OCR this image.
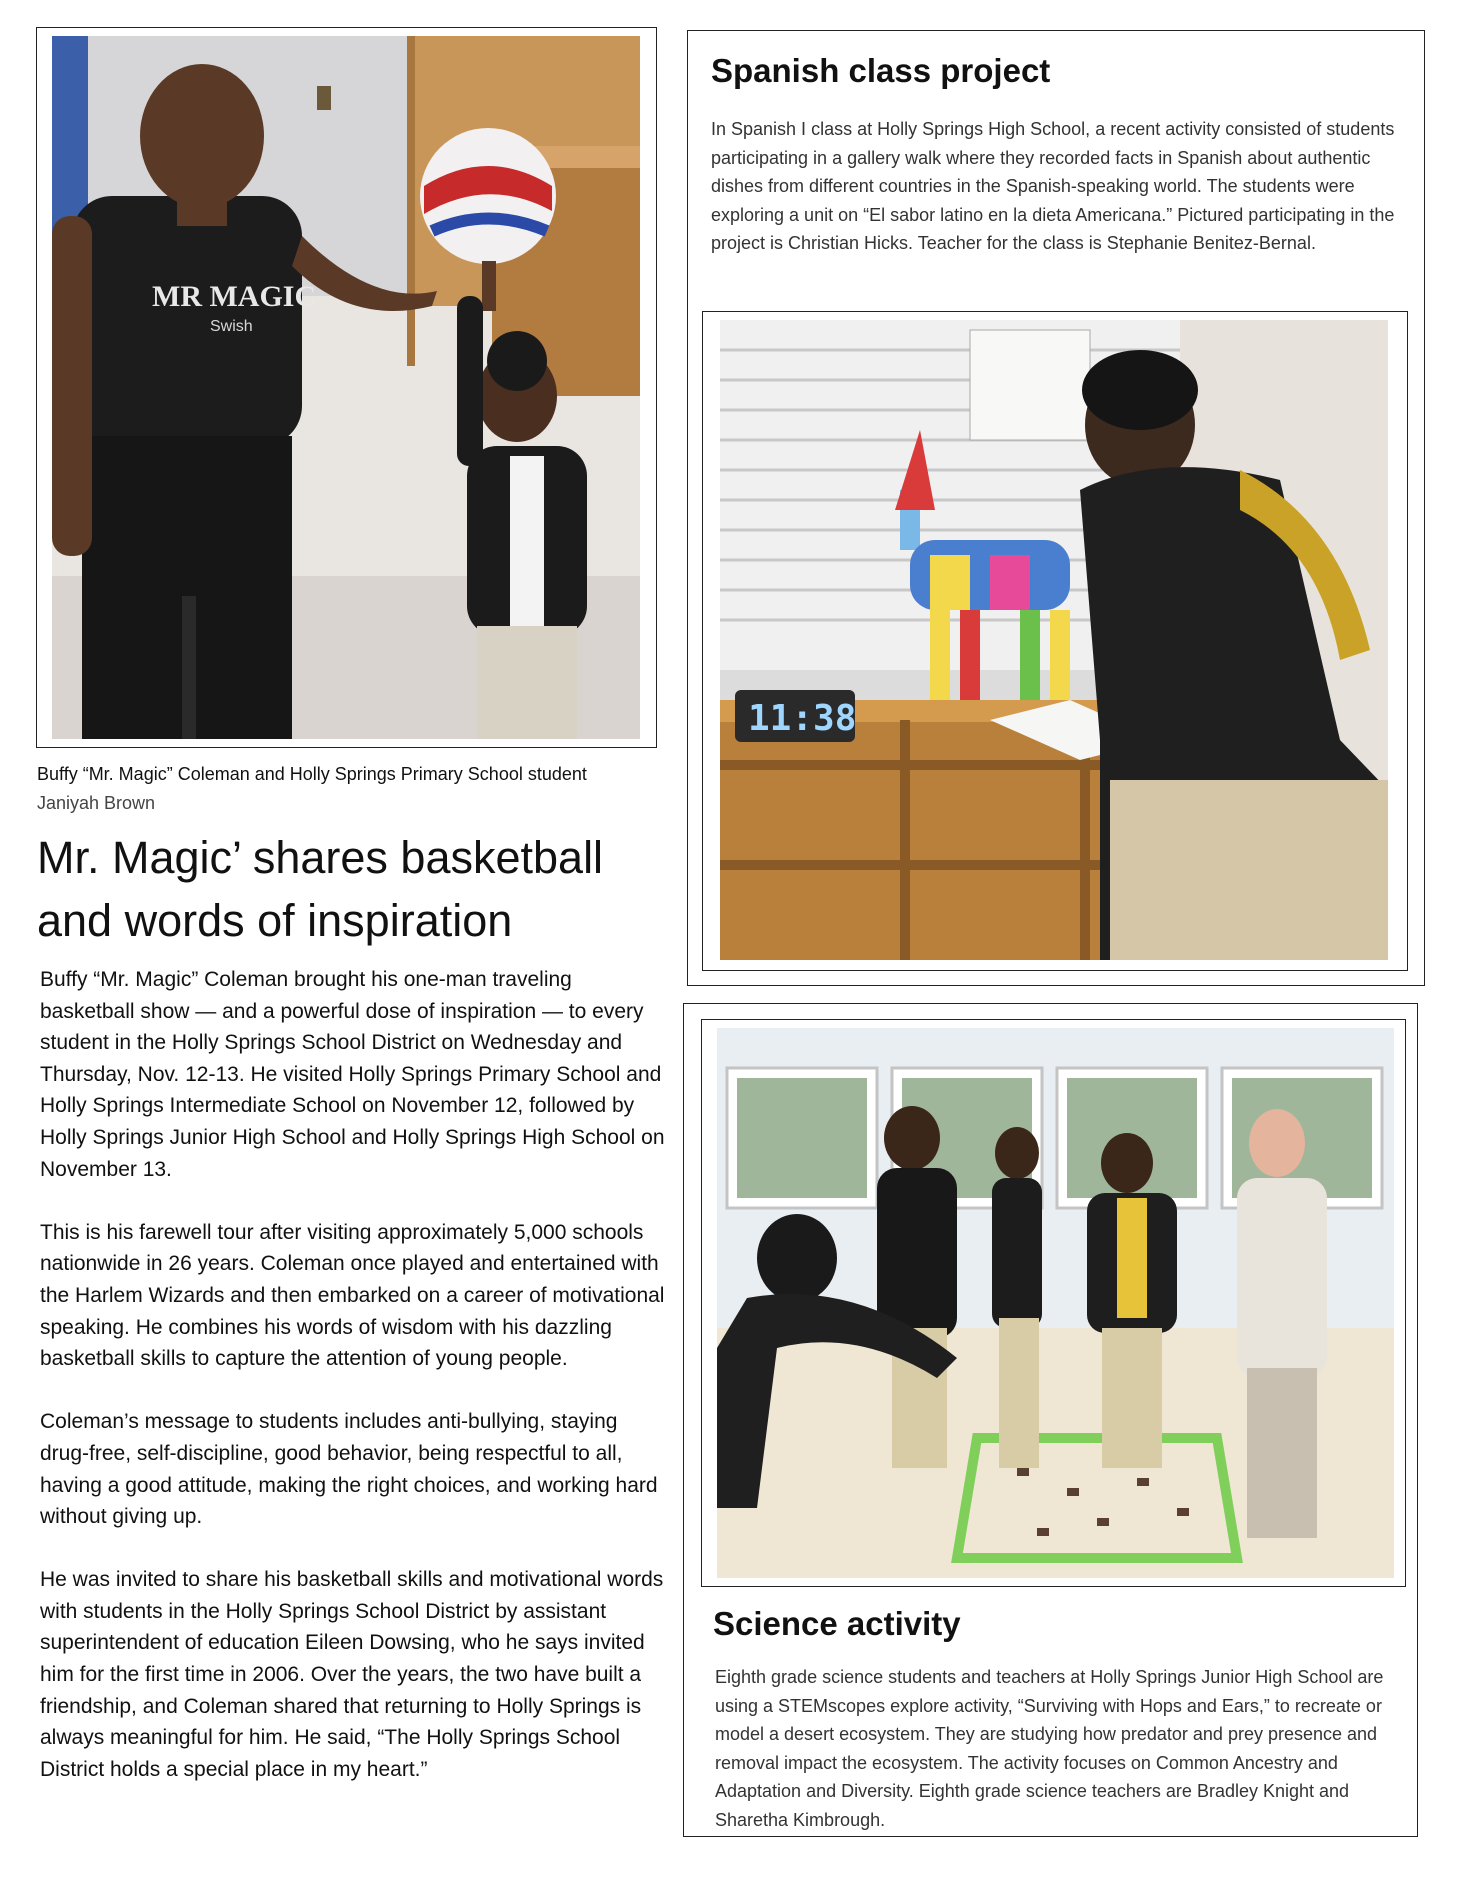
MR MAGIC
Swish
Buffy “Mr. Magic” Coleman and Holly Springs Primary School student Janiyah Brown
Mr. Magic’ shares basketball and words of inspiration

Buffy “Mr. Magic” Coleman brought his one-man traveling basketball show — and a powerful dose of inspiration — to every student in the Holly Springs School District on Wednesday and Thursday, Nov. 12-13. He visited Holly Springs Primary School and Holly Springs Intermediate School on November 12, followed by Holly Springs Junior High School and Holly Springs High School on November 13.

This is his farewell tour after visiting approximately 5,000 schools nationwide in 26 years. Coleman once played and entertained with the Harlem Wizards and then embarked on a career of motivational speaking. He combines his words of wisdom with his dazzling basketball skills to capture the attention of young people.

Coleman’s message to students includes anti-bullying, staying drug-free, self-discipline, good behavior, being respectful to all, having a good attitude, making the right choices, and working hard without giving up.

He was invited to share his basketball skills and motivational words with students in the Holly Springs School District by assistant superintendent of education Eileen Dowsing, who he says invited him for the first time in 2006. Over the years, the two have built a friendship, and Coleman shared that returning to Holly Springs is always meaningful for him. He said, “The Holly Springs School District holds a special place in my heart.”

Spanish class project

In Spanish I class at Holly Springs High School, a recent activity consisted of students participating in a gallery walk where they recorded facts in Spanish about authentic dishes from different countries in the Spanish-speaking world. The students were exploring a unit on “El sabor latino en la dieta Americana.” Pictured participating in the project is Christian Hicks. Teacher for the class is Stephanie Benitez-Bernal.

11:38
Science activity

Eighth grade science students and teachers at Holly Springs Junior High School are using a STEMscopes explore activity, “Surviving with Hops and Ears,” to recreate or model a desert ecosystem. They are studying how predator and prey presence and removal impact the ecosystem. The activity focuses on Common Ancestry and Adaptation and Diversity. Eighth grade science teachers are Bradley Knight and Sharetha Kimbrough.
